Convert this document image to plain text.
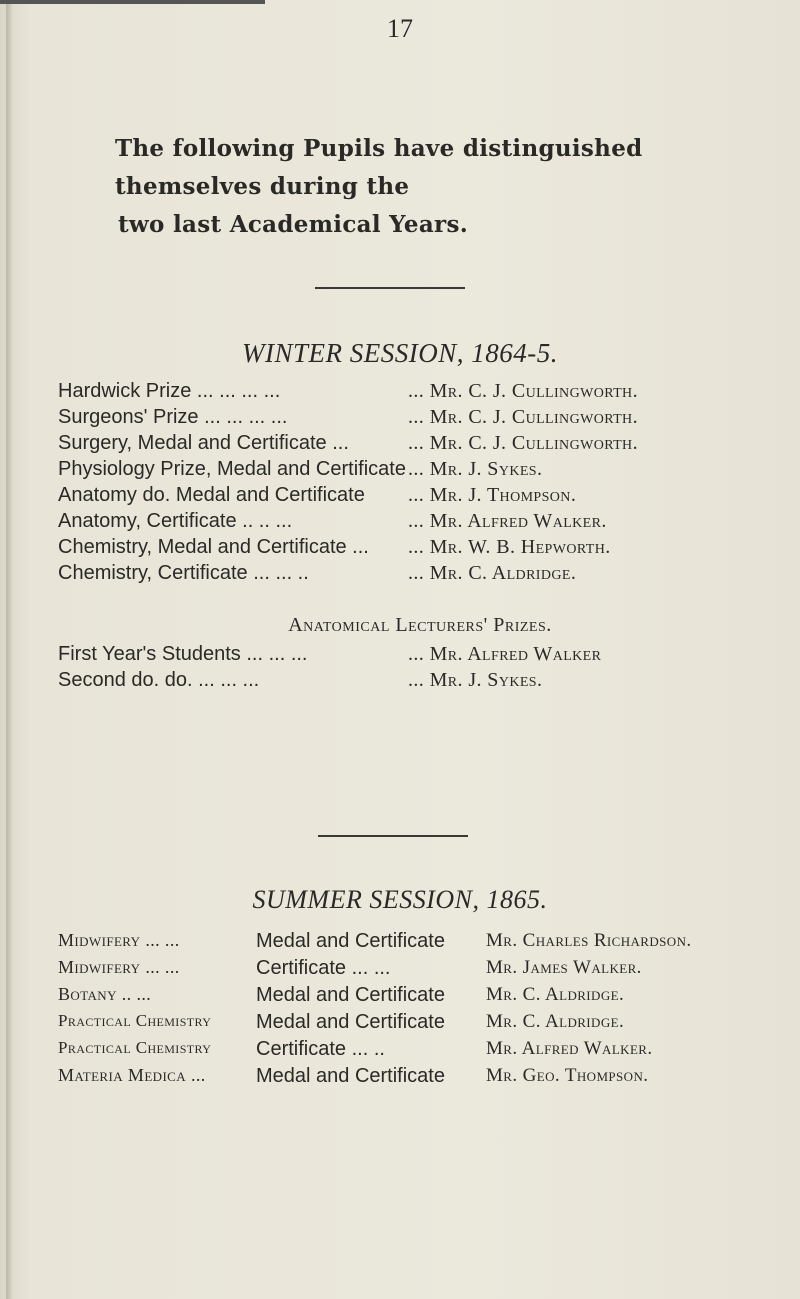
17
The following Pupils have distinguished themselves during the
two last Academical Years.
WINTER SESSION, 1864-5.
Hardwick Prize ... ... ... ...	... Mr. C. J. Cullingworth.
Surgeons' Prize ... ... ... ...	... Mr. C. J. Cullingworth.
Surgery, Medal and Certificate ...	... Mr. C. J. Cullingworth.
Physiology Prize, Medal and Certificate ... Mr. J. Sykes.
Anatomy do. Medal and Certificate ... Mr. J. Thompson.
Anatomy, Certificate .. .. ...	... Mr. Alfred Walker.
Chemistry, Medal and Certificate ... ... Mr. W. B. Hepworth.
Chemistry, Certificate ... ... ..	... Mr. C. Aldridge.
Anatomical Lecturers' Prizes.
First Year's Students ... ... ...	... Mr. Alfred Walker
Second do. do. ... ... ...	... Mr. J. Sykes.
SUMMER SESSION, 1865.
Midwifery ... ...	Medal and Certificate Mr. Charles Richardson.
Midwifery ... ...	Certificate ... ...	Mr. James Walker.
Botany .. ...	Medal and Certificate Mr. C. Aldridge.
Practical Chemistry Medal and Certificate Mr. C. Aldridge.
Practical Chemistry Certificate ... ..	Mr. Alfred Walker.
Materia Medica ...	Medal and Certificate Mr. Geo. Thompson.
